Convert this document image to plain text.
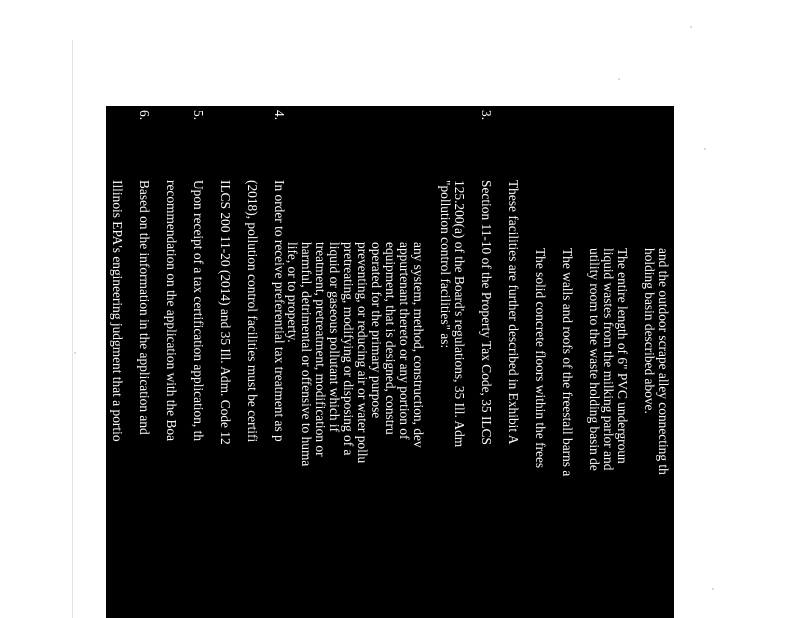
and the outdoor scrape alley connecting th
holding basin described above.
The entire length of 6" PVC undergroun
liquid wastes from the milking parlor and
utility room to the waste holding basin de
The walls and roofs of the freestall barns a
The solid concrete floors within the frees
These facilities are further described in Exhibit A
Section 11-10 of the Property Tax Code, 35 ILCS
125.200(a) of the Board's regulations, 35 Ill. Adm
"pollution control facilities" as:
any system, method, construction, dev
appurtenant thereto or any portion of
equipment, that is designed, constru
operated for the primary purpose
preventing, or reducing air or water pollu
pretreating, modifying or disposing of a
liquid or gaseous pollutant which if
treatment, pretreatment, modification or
harmful, detrimental or offensive to huma
life, or to property.
In order to receive preferential tax treatment as p
(2018), pollution control facilities must be certifi
ILCS 200 11-20 (2014) and 35 Ill. Adm. Code 12
Upon receipt of a tax certification application, th
recommendation on the application with the Boa
Based on the information in the application and
Illinois EPA's engineering judgment that a portio
be considered "pollution control facilities," purs
3.
4.
5.
6.
